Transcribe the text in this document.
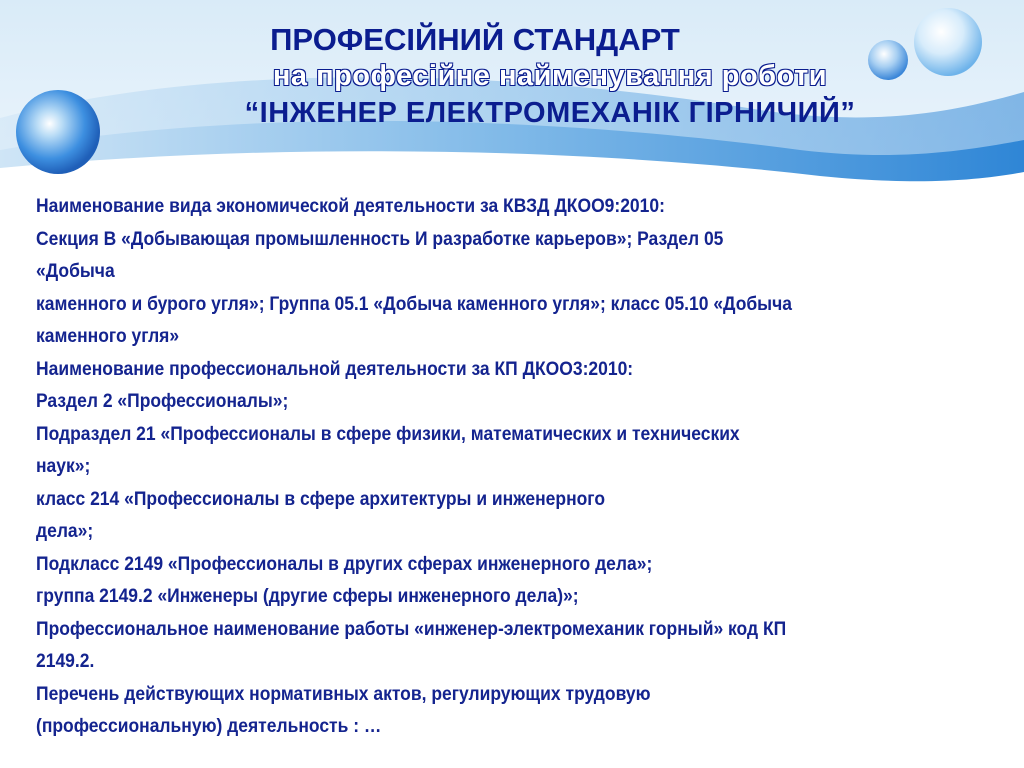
ПРОФЕСІЙНИЙ СТАНДАРТ
на професійне найменування роботи
“ІНЖЕНЕР ЕЛЕКТРОМЕХАНІК ГІРНИЧИЙ”

Наименование вида экономической деятельности за КВЗД ДКОО9:2010:

Секция В «Добывающая промышленность И разработке карьеров»; Раздел 05

«Добыча

каменного и бурого угля»; Группа 05.1 «Добыча каменного угля»; класс 05.10 «Добыча

каменного угля»

Наименование профессиональной деятельности за КП ДКОО3:2010:

Раздел 2 «Профессионалы»;

Подраздел 21 «Профессионалы в сфере физики, математических и технических

наук»;

класс 214 «Профессионалы в сфере архитектуры и инженерного

дела»;

Подкласс 2149 «Профессионалы в других сферах инженерного дела»;

группа 2149.2 «Инженеры (другие сферы инженерного дела)»;

Профессиональное наименование работы «инженер-электромеханик горный» код КП

2149.2.

Перечень действующих нормативных актов, регулирующих трудовую

(профессиональную) деятельность : …
